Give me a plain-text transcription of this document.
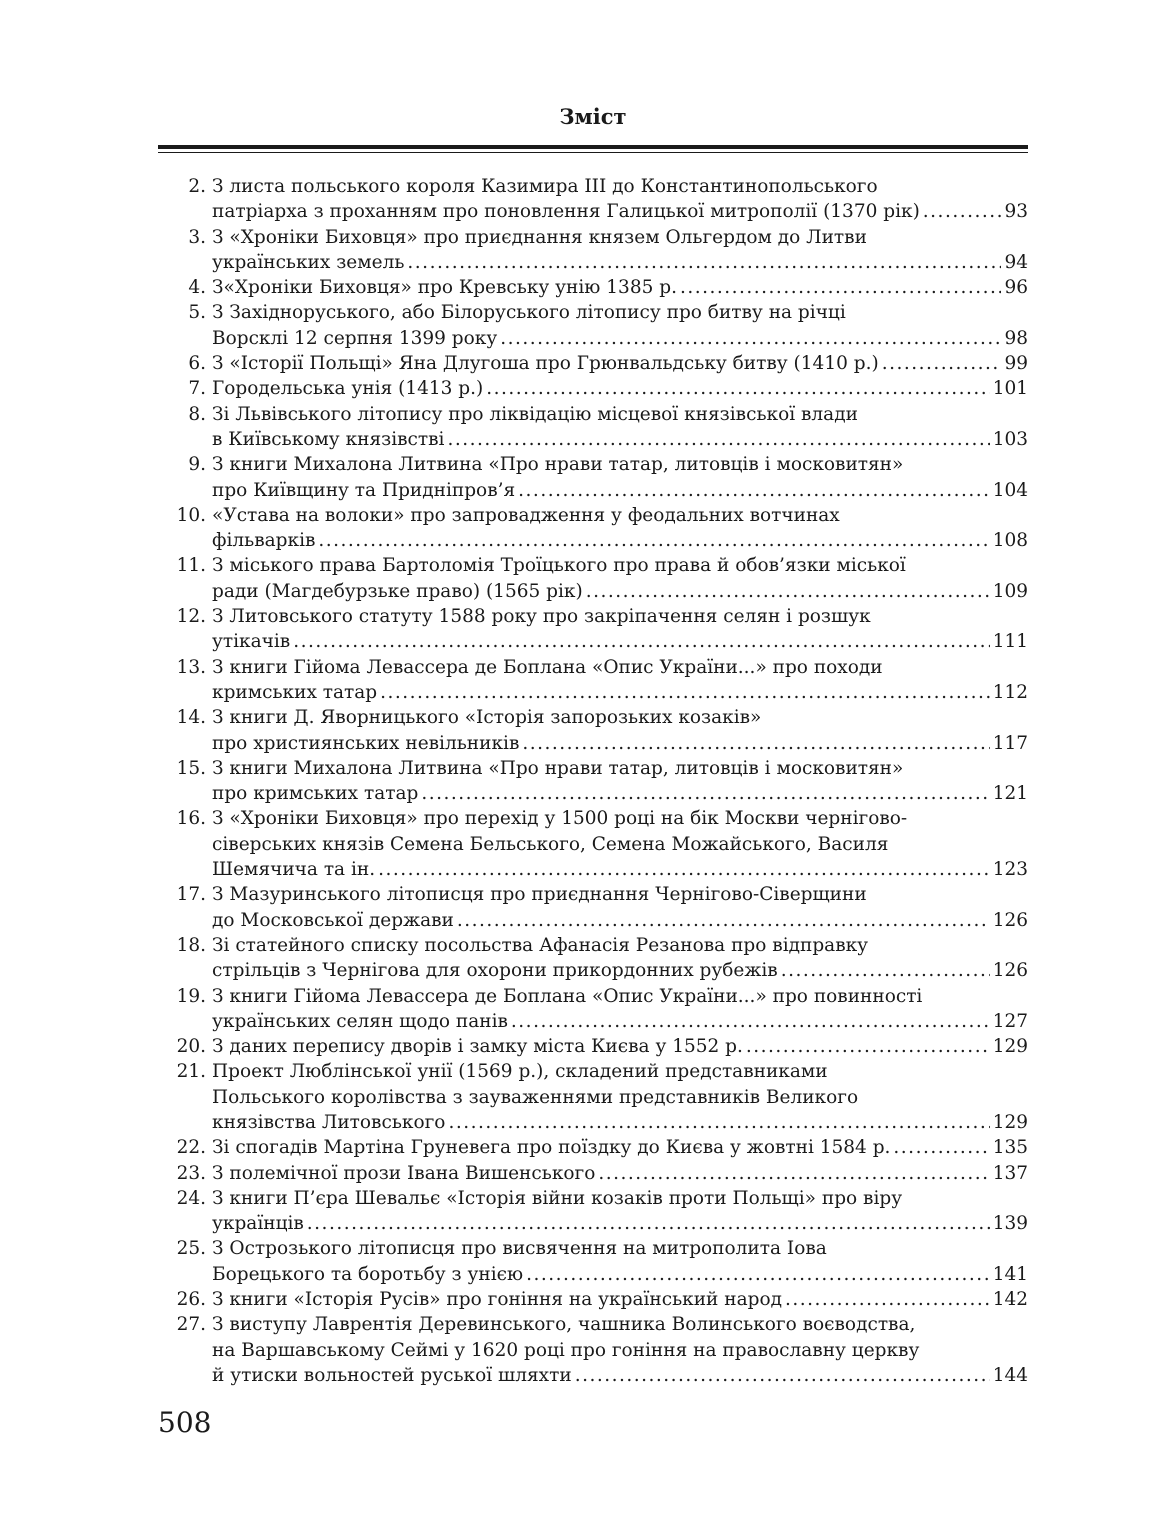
Зміст
2. З листа польського короля Казимира III до Константинопольського
патріарха з проханням про поновлення Галицької митрополії (1370 рік) .....	93
3. З «Хроніки Биховця» про приєднання князем Ольгердом до Литви
українських земель .....	94
4. З«Хроніки Биховця» про Кревську унію 1385 р. .....	96
5. З Західноруського, або Білоруського літопису про битву на річці
Ворсклі 12 серпня 1399 року .....	98
6. З «Історії Польщі» Яна Длугоша про Грюнвальдську битву (1410 р.) .....	99
7. Городельська унія (1413 р.) .....	101
8. Зі Львівського літопису про ліквідацію місцевої князівської влади
в Київському князівстві .....	103
9. З книги Михалона Литвина «Про нрави татар, литовців і московитян»
про Київщину та Придніпров’я .....	104
10. «Устава на волоки» про запровадження у феодальних вотчинах
фільварків .....	108
11. З міського права Бартоломія Троїцького про права й обов’язки міської
ради (Магдебурзьке право) (1565 рік) .....	109
12. З Литовського статуту 1588 року про закріпачення селян і розшук
утікачів .....	111
13. З книги Гійома Левассера де Боплана «Опис України...» про походи
кримських татар .....	112
14. З книги Д. Яворницького «Історія запорозьких козаків»
про християнських невільників .....	117
15. З книги Михалона Литвина «Про нрави татар, литовців і московитян»
про кримських татар .....	121
16. З «Хроніки Биховця» про перехід у 1500 році на бік Москви чернігово-
сіверських князів Семена Бельського, Семена Можайського, Василя
Шемячича та ін. .....	123
17. З Мазуринського літописця про приєднання Чернігово-Сіверщини
до Московської держави .....	126
18. Зі статейного списку посольства Афанасія Резанова про відправку
стрільців з Чернігова для охорони прикордонних рубежів .....	126
19. З книги Гійома Левассера де Боплана «Опис України...» про повинності
українських селян щодо панів .....	127
20. З даних перепису дворів і замку міста Києва у 1552 р. .....	129
21. Проект Люблінської унії (1569 р.), складений представниками
Польського королівства з зауваженнями представників Великого
князівства Литовського .....	129
22. Зі спогадів Мартіна Груневега про поїздку до Києва у жовтні 1584 р. .....	135
23. З полемічної прози Івана Вишенського .....	137
24. З книги П’єра Шевальє «Історія війни козаків проти Польщі» про віру
українців .....	139
25. З Острозького літописця про висвячення на митрополита Іова
Борецького та боротьбу з унією .....	141
26. З книги «Історія Русів» про гоніння на український народ .....	142
27. З виступу Лаврентія Деревинського, чашника Волинського воєводства,
на Варшавському Сеймі у 1620 році про гоніння на православну церкву
й утиски вольностей руської шляхти .....	144
508
